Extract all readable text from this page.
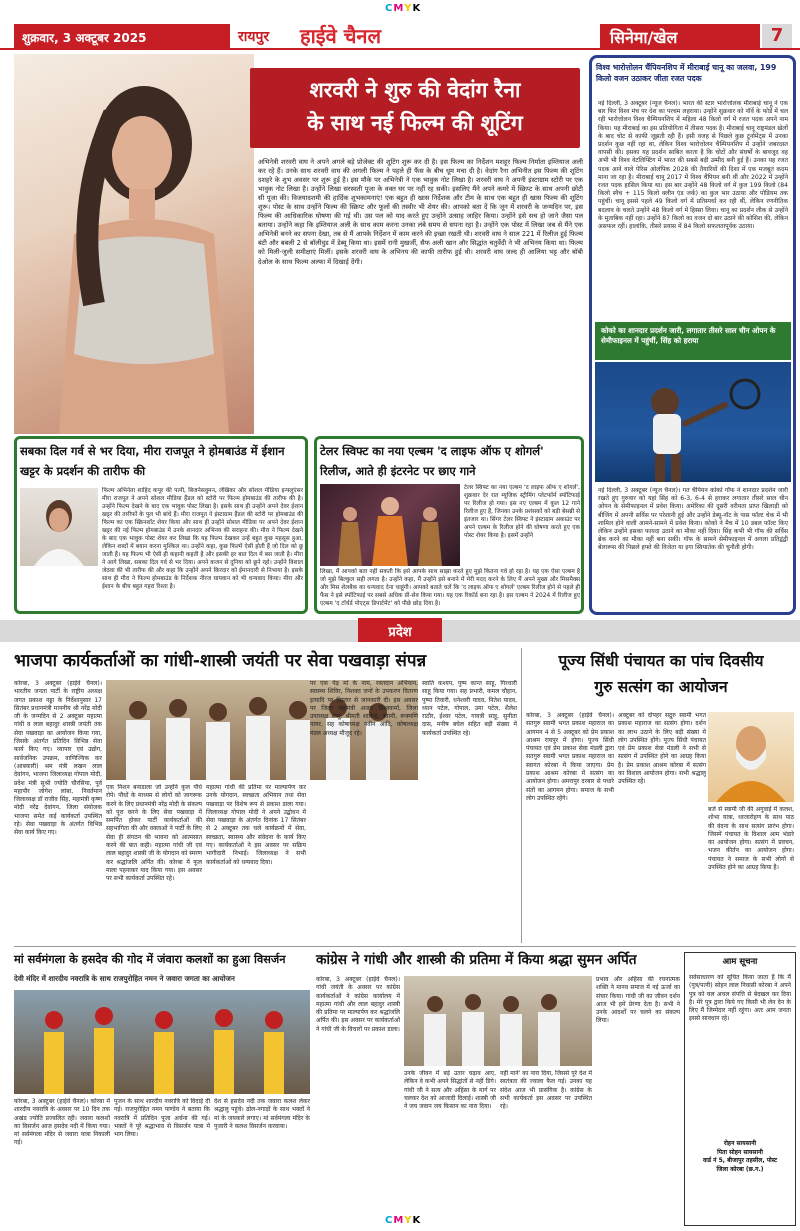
CMYK
शुक्रवार, 3 अक्टूबर 2025	रायपुर हाईवे चैनल	सिनेमा/खेल	7
शरवरी ने शुरु की वेदांग रैना
के साथ नई फिल्म की शूटिंग
अभिनेत्री शरवरी वाघ ने अपने अगले बड़े प्रोजेक्ट की शूटिंग शुरू कर दी है। इस फिल्म का निर्देशन मशहूर फिल्म निर्माता इम्तियाज अली कर रहे हैं। उनके साथ शरवरी वाघ की अगली फिल्म ने पहले ही फैंस के बीच धूम मचा दी है। वेदांग रैना अभिनीत इस फिल्म की शूटिंग दशहरे के शुभ अवसर पर शुरू हुई है। इस मौके पर अभिनेत्री ने एक भावुक नोट लिखा है। शरवरी वाघ ने अपनी इंस्टाग्राम स्टोरी पर एक भावुक नोट लिखा है। उन्होंने लिखा सरस्वती पूजा के वक्त घर पर नहीं रह सकी। इसलिए मैंने अपने कमरे में स्क्रिप्ट के साथ अपनी छोटी सी पूजा की। विजयादशमी की हार्दिक शुभकामनाएं! एक बहुत ही खास निर्देशक और टीम के साथ एक बहुत ही खास फिल्म की शूटिंग शुरू। पोस्ट के साथ उन्होंने फिल्म की स्क्रिप्ट और फूलों की तस्वीर भी शेयर की। आपको बता दें कि जून में शरवरी के जन्मदिन पर, इस फिल्म की आधिकारिक घोषणा की गई थी। उस पल को याद करते हुए उन्होंने उत्साह जाहिर किया। उन्होंने इसे सच हो जाने जैसा पल बताया। उन्होंने कहा कि इम्तियाज अली के साथ काम करना उनका लंबे समय से सपना रहा है। उन्होंने एक पोस्ट में लिखा जब से मैंने एक अभिनेत्री बनने का सपना देखा, तब से मैं आपके निर्देशन में काम करने की इच्छा रखती थी। शरवरी वाघ ने साल 221 में रिलीज हुई फिल्म बंटी और बबली 2 से बॉलीवुड में डेब्यू किया था। इसमें रानी मुखर्जी, सैफ अली खान और सिद्धांत चतुर्वेदी ने भी अभिनय किया था। फिल्म को मिली-जुली समीक्षाएं मिलीं। इसके शरवरी वाघ के अभिनय की काफी तारीफ हुई थी। शरवरी वाघ जल्द ही आलिया भट्ट और बॉबी देओल के साथ फिल्म अल्फा में दिखाई देंगी।
विश्व भारोत्तोलन चैंपियनशिप में मीराबाई चानू का जलवा, 199 किलो वजन उठाकर जीता रजत पदक
नई दिल्ली, 3 अक्टूबर (न्यूज चैनल)। भारत की स्टार भारोत्तोलक मीराबाई चानू ने एक बार फिर विश्व मंच पर देश का परचम लहराया। उन्होंने शुक्रवार को नॉर्वे के फोर्डे में चल रही भारोत्तोलन विश्व चैम्पियनशिप में महिला 48 किलो वर्ग में रजत पदक अपने नाम किया। यह मीराबाई का इस प्रतियोगिता में तीसरा पदक है। मीराबाई चानू राष्ट्रमंडल खेलों के बाद चोट से काफी जूझती रही हैं। इसी वजह से पिछले कुछ टूर्नामेंट्स में उनका प्रदर्शन कुछ नहीं रहा था, लेकिन विश्व भारोत्तोलन चैम्पियनशिप में उन्होंने जबरदस्त वापसी की। इसका यह प्रदर्शन साबित करता है कि चोटों और संघर्षों के बावजूद वह अभी भी विश्व वेटलिफ्टिंग में भारत की सबसे बड़ी उम्मीद बनी हुई हैं। उनका यह रजत पदक आने वाले पेरिस ओलंपिक 2028 की तैयारियों की दिशा में एक मजबूत कदम माना जा रहा है। मीराबाई चानू 2017 में विश्व चैंपियन बनी थीं और 2022 में उन्होंने रजत पदक हासिल किया था। इस बार उन्होंने 48 किलो वर्ग में कुल 199 किलो (84 किलो स्नैच + 115 किलो क्लीन एंड जर्क) का कुल भार उठाया और पोडियम तक पहुंचीं। चानू इससे पहले 49 किलो वर्ग में प्रतिस्पर्धा कर रही थीं, लेकिन रणनीतिक बदलाव के चलते उन्होंने 48 किलो वर्ग में हिस्सा लिया। चानू का प्रदर्शन लीक से उन्होंने के मुताबिक नहीं रहा। उन्होंने 87 किलो का वजन दो बार उठाने की कोशिश की, लेकिन असफल रहीं। हालांकि, तीसरे प्रयास में 84 किलो सफलतापूर्वक उठाया।
कोको का शानदार प्रदर्शन जारी, लगातार तीसरे साल चीन ओपन के सेमीफाइनल में पहुंचीं, सिंह को हराया
नई दिल्ली, 3 अक्टूबर (न्यूज चैनल)। गत चैंपियन कोको गॉफ ने शानदार प्रदर्शन जारी रखते हुए गुरुवार को यहां सिंह को 6-3, 6-4 से हराकर लगातार तीसरे साल चीन ओपन के सेमीफाइनल में प्रवेश किया। अमेरिका की दूसरी वरीयता प्राप्त खिलाड़ी को बीजिंग में अपनी सर्विस पर परेशानी हुई और उन्होंने डेब्यू-नॉट के पास फॉल्ट चेक में भी शामिल होने वाली आमने-सामने में प्रवेश किया। कोको ने मैच में 10 डबल फॉल्ट किए लेकिन उन्होंने इसका फायदा उठाने का मौका नहीं दिया। सिंह कभी भी गॉफ की सर्विस ब्रेक करने का मौका नहीं बना सकीं। गॉफ के सामने सेमीफाइनल में अगला प्रतिद्वंद्वी बेलारूस की पिछले हफ्ते की विजेता या इगा स्वियातेक की चुनौती होगी।
सबका दिल गर्व से भर दिया, मीरा राजपूत ने होमबाउंड में ईशान खट्टर के प्रदर्शन की तारीफ की
फिल्म अभिनेता शाहिद कपूर की पत्नी, बिजनेसवुमन, लेखिका और सोशल मीडिया इन्फ्लुएंसर मीरा राजपूत ने अपने सोशल मीडिया हैंडल को स्टोरी पर फिल्म होमबाउंड की तारीफ की है। उन्होंने फिल्म देखने के बाद एक भावुक पोस्ट लिखा है। इसके साथ ही उन्होंने अपने देवर ईशान खट्टर की तारीफों के पुल भी बांधे हैं। मीरा राजपूत ने इंस्टाग्राम हैंडल की स्टोरी पर होमबाउंड की फिल्म का एक स्क्रिनशॉट शेयर किया और साथ ही उन्होंने सोशल मीडिया पर अपने देवर ईशान खट्टर की नई फिल्म होमबाउंड में उनके शानदार अभिनय की सराहना की। मीरा ने फिल्म देखने के बाद एक भावुक पोस्ट शेयर कर लिखा कि यह फिल्म देखकर उन्हें बहुत कुछ महसूस हुआ, लेकिन शब्दों में बयान करना मुश्किल था। उन्होंने कहा, कुछ फिल्में ऐसी होती हैं जो दिल को छू जाती हैं। यह फिल्म भी ऐसी ही कहानी कहती है और इसकी हर बात दिल में बस जाती है। मीरा ने आगे लिखा, सबका दिल गर्व से भर दिया। अपने कजन से दुनिया को छूने रहो। उन्होंने विशाल जेठवा की भी तारीफ की और कहा कि उन्होंने अपने किरदार को ईमानदारी से निभाया है। इसके साथ ही मीरा ने फिल्म होमबाउंड के निर्देशक नीरज घायवान को भी धन्यवाद किया। मीरा और ईशान के बीच बहुत गहरा रिश्ता है।
टेलर स्विफ्ट का नया एल्बम 'द लाइफ ऑफ ए शोगर्ल' रिलीज, आते ही इंटरनेट पर छाए गाने
टेलर स्विफ्ट का नया एल्बम 'द लाइफ ऑफ ए शोगर्ल', शुक्रवार देर रात म्यूजिक स्ट्रीमिंग प्लेटफॉर्म स्पॉटिफाई पर रिलीज हो गया। इस नए एल्बम में कुल 12 गाने रिलीज हुए हैं, जिनका उनके प्रशंसकों को बड़ी बेसब्री से इंतजार था। सिंगर टेलर स्विफ्ट ने इंस्टाग्राम अकाउंट पर अपने एल्बम के रिलीज होने की घोषणा करते हुए एक पोस्ट शेयर किया है। इसमें उन्होंने
लिखा, मैं आपको बता नहीं सकती कि इसे आपके साथ साझा करते हुए मुझे कितना गर्व हो रहा है। यह एक ऐसा एल्बम है जो मुझे बिल्कुल सही लगता है। उन्होंने कहा, मैं उन्होंने इसे बनाने में मेरी मदद करने के लिए मैं अपने मुख्य और मिसमैक्स और मिस शेलबैक का धन्यवाद देना चाहूंगी। आपको बताते चलें कि 'द लाइफ ऑफ ए शोगर्ल' एल्बम रिलीज होने से पहले ही फैंस ने इसे स्पॉटिफाई पर सबसे अधिक प्री-सेव किया गया। यह एक रिकॉर्ड बना रहा है। इस एल्बम ने 2024 में रिलीज हुए एल्बम 'द टॉर्चर्ड पोएट्स डिपार्टमेंट' को पीछे छोड़ दिया है।
प्रदेश
भाजपा कार्यकर्ताओं का गांधी-शास्त्री जयंती पर सेवा पखवाड़ा संपन्न
कोरबा, 3 अक्टूबर (हाईवे चैनल)। भारतीय जनता पार्टी के राष्ट्रीय अध्यक्ष जगत प्रकाश नड्डा के निर्देशानुसार 17 सितंबर प्रधानमंत्री माननीय श्री नरेंद्र मोदी जी के जन्मदिन से 2 अक्टूबर महात्मा गांधी व लाल बहादुर शास्त्री जयंती तक सेवा पखवाड़ा का आयोजन किया गया, जिसके अंतर्गत प्रतिदिन विभिन्न सेवा कार्य किए गए। व्यापार एवं उद्योग, सार्वजनिक उपक्रम, वाणिज्यिक कर (आबकारी) श्रम मंत्री लखन लाल देवांगन, भाजपा जिलाध्यक्ष गोपाल मोदी, प्रदेश मंत्री सुश्री ज्योति चौरसिया, पूर्व महापौर जोगेश लांबा, निवर्तमान जिलाध्यक्ष डॉ राजीव सिंह, महामंत्री कृष्ण मोदी नरेंद्र देवांगन, जिला संयोजक भाजपा समेत कई कार्यकर्ता उपस्थित रहे। सेवा पखवाड़ा के अंतर्गत विभिन्न सेवा कार्य किए गए।
एक निशन बनाडाला जो उन्होंने कुल पौधे रोपे। पौधों के माध्यम से लोगों को जागरूक करने के लिए प्रधानमंत्री नरेंद्र मोदी के संकल्प को पूरा करने के लिए सेवा पखवाड़ा में समर्पित होकर पार्टी कार्यकर्ताओं की सहभागिता की और वक्ताओं ने पार्टी के लिए सेवा ही संगठन की भावना को आत्मसात करने की बात कही। महात्मा गांधी जी एवं लाल बहादुर शास्त्री जी के योगदान को स्मरण कर श्रद्धांजलि अर्पित की। कोरबा में फूल माला पहनाकर याद किया गया। इस अवसर पर सभी कार्यकर्ता उपस्थित रहे।
महात्मा गांधी की प्रतिमा पर माल्यार्पण कर उनके योगदान, स्वच्छता अभियान तथा सेवा पखवाड़ा पर विशेष रूप से प्रकाश डाला गया। जिलाध्यक्ष गोपाल मोदी ने अपने उद्बोधन में सेवा पखवाड़ा के अंतर्गत दिनांक 17 सितंबर से 2 अक्टूबर तक चले कार्यक्रमों में सेवा, स्वच्छता, स्वास्थ्य और संवेदना के कार्य किए गए। कार्यकर्ताओं ने इस अवसर पर सक्रिय भागीदारी निभाई। जिलाध्यक्ष ने सभी कार्यकर्ताओं को धन्यवाद दिया।
पर एक पेड़ मां के नाम, रक्तदान अभियान, स्वास्थ्य शिविर, निशक्त जनों के उपकरण वितरण इत्यादि पर विस्तार से जानकारी दी। इस अवसर पर जिला महामंत्री अजय विश्वकर्मा, जिला उपाध्यक्ष संजू, श्रीमती शालेन्द्र, स्वामी, रूक्मणि नायर, सह कोषाध्यक्ष नवीन आदि, कोषाध्यक्ष मंडल अध्यक्ष मौजूद रहे।
स्वाति कश्यप, पुष्प कान्त साहू, गिरधारी साहू किया गया। सह प्रभारी, कमल चौहान, पुष्पा तिवारी, धनेश्वरी यादव, नितेश यादव, ध्यान पटेल, गोपाल, उमा पटेल, शैलेश राठौर, ईश्वर पटेल, गायत्री साहू, सुनीता दास, मनीष बघेल सहित बड़ी संख्या में कार्यकर्ता उपस्थित रहे।
पूज्य सिंधी पंचायत का पांच दिवसीय
गुरु सत्संग का आयोजन
कोरबा, 3 अक्टूबर (हाईवे चैनल)। सतगुरु स्वामी भगत प्रकाश महाराज का आगमन 4 से 5 अक्टूबर को प्रेम प्रकाश आश्रम रायपुर में होगा। पूज्य सिंधी पंचायत एवं प्रेम प्रकाश सेवा मंडली द्वारा सतगुरु स्वामी भगत प्रकाश महाराज का स्वागत कोरबा में किया जाएगा। प्रेम प्रकाश आश्रम कोरबा में सत्संग का आयोजन होगा। अमरापुर दरबार से पधारे संतों का आगमन होगा। समाज के सभी लोग उपस्थित रहेंगे।
अक्टूबर को दोपहर सद्गुरु स्वामी भगत प्रकाश महाराज का सत्संग होगा। दर्शन का लाभ उठाने के लिए बड़ी संख्या में लोग उपस्थित होंगे। पूज्य सिंधी पंचायत एवं प्रेम प्रकाश सेवा मंडली ने सभी से सत्संग में उपस्थित होने का आग्रह किया है। प्रेम प्रकाश आश्रम कोरबा में सत्संग का विशाल आयोजन होगा। सभी श्रद्धालु उपस्थित रहें।
बजे से स्वामी जी की अगुवाई में कलश, शोभा यात्रा, ध्वजारोहण के साथ पाठ की वंदना के साथ सत्संग प्रारंभ होगा। जिसमें पंचायत के विशाल आम भंडारे का आयोजन होगा। सत्संग में प्रवचन, भजन कीर्तन का आयोजन होगा। पंचायत ने समाज के सभी लोगों से उपस्थित होने का आग्रह किया है।
मां सर्वमंगला के हसदेव की गोद में जंवारा कलशों का हुआ विसर्जन
देवी मंदिर में शारदीय नवरात्रि के साथ राजपुरोहित नमन ने जवारा जगता का आयोजन
कोरबा, 3 अक्टूबर (हाईवे चैनल)। कोरबा में शारदीय नवरात्रि के अवसर पर 10 दिन तक अखंड ज्योति प्रज्वलित रही। जवारा कलशों का विसर्जन आज हसदेव नदी में किया गया। मां सर्वमंगला मंदिर से जवारा यात्रा निकाली गई।
पूजन के साथ शारदीय नवरात्रि को विदाई दी गई। राजपुरोहित नमन पाण्डेय ने बताया कि नवरात्रि में प्रतिदिन पूजा अर्चना की गई। भक्तों ने पूरे श्रद्धाभाव से विसर्जन यात्रा में भाग लिया।
देश से हसदेव नदी तक जवारा कलश लेकर श्रद्धालु पहुंचे। ढोल-नगाड़ों के साथ भक्तों ने मां के जयकारे लगाए। मां सर्वमंगला मंदिर के पुजारी ने कलश विसर्जन करवाया।
कांग्रेस ने गांधी और शास्त्री की प्रतिमा में किया श्रद्धा सुमन अर्पित
कोरबा, 3 अक्टूबर (हाईवे चैनल)। गांधी जयंती के अवसर पर कांग्रेस कार्यकर्ताओं ने कांग्रेस कार्यालय में महात्मा गांधी और लाल बहादुर शास्त्री की प्रतिमा पर माल्यार्पण कर श्रद्धांजलि अर्पित की। इस अवसर पर कार्यकर्ताओं ने गांधी जी के विचारों पर प्रकाश डाला।
उनके जीवन में बड़े उतार चढ़ाव आए, लेकिन वे कभी अपने सिद्धांतों से नहीं डिगे। गांधी जी ने सत्य और अहिंसा के मार्ग पर चलकर देश को आजादी दिलाई। शास्त्री जी ने जय जवान जय किसान का नारा दिया।
नहीं माने' का नारा दिया, जिससे पूरे देश में स्वतंत्रता की ज्वाला फैल गई। उनका यह संदेश आज भी प्रासंगिक है। कांग्रेस के सभी कार्यकर्ता इस अवसर पर उपस्थित रहे।
प्रभाव और अहिंसा की रचनात्मक शक्ति ने मानव समाज में नई ऊर्जा का संचार किया। गांधी जी का जीवन दर्शन आज भी हमें प्रेरणा देता है। सभी ने उनके आदर्शों पर चलने का संकल्प लिया।
आम सूचना
सर्वसाधारण को सूचित किया जाता है कि मैं (पुत्र/पत्नी) सोहन लाल निवासी कोरबा ने अपने पुत्र को चल अचल संपत्ति से बेदखल कर दिया है। मेरे पुत्र द्वारा किये गए किसी भी लेन देन के लिए मैं जिम्मेदार नहीं रहूंगा। अतः आम जनता इससे सावधान रहे।
रोहन सायसानी
पिता सोहन सायसानी
वार्ड नं 5, बीजापुर तहसील, पोस्ट
जिला कोरबा (छ.ग.)
CMYK
